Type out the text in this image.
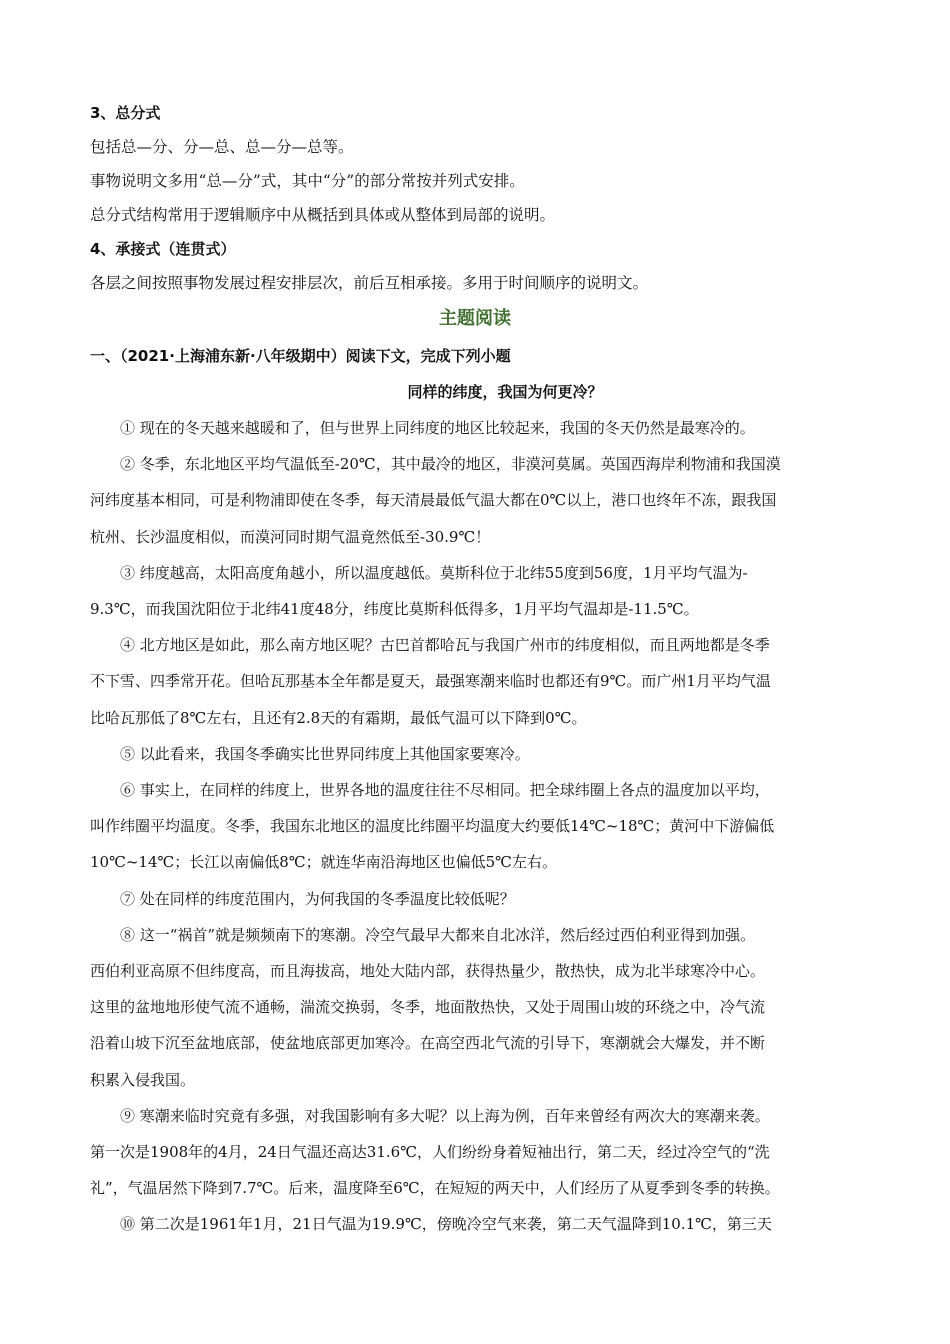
3、总分式

包括总—分、分—总、总—分—总等。

事物说明文多用“总—分”式，其中“分”的部分常按并列式安排。

总分式结构常用于逻辑顺序中从概括到具体或从整体到局部的说明。

4、承接式（连贯式）

各层之间按照事物发展过程安排层次，前后互相承接。多用于时间顺序的说明文。

主题阅读

一、（2021·上海浦东新·八年级期中）阅读下文，完成下列小题

同样的纬度，我国为何更冷？

① 现在的冬天越来越暖和了，但与世界上同纬度的地区比较起来，我国的冬天仍然是最寒冷的。

② 冬季，东北地区平均气温低至-20℃，其中最冷的地区，非漠河莫属。英国西海岸利物浦和我国漠
河纬度基本相同，可是利物浦即使在冬季，每天清晨最低气温大都在0℃以上，港口也终年不冻，跟我国
杭州、长沙温度相似，而漠河同时期气温竟然低至-30.9℃！

③ 纬度越高，太阳高度角越小，所以温度越低。莫斯科位于北纬55度到56度，1月平均气温为-
9.3℃，而我国沈阳位于北纬41度48分，纬度比莫斯科低得多，1月平均气温却是-11.5℃。

④ 北方地区是如此，那么南方地区呢？古巴首都哈瓦与我国广州市的纬度相似，而且两地都是冬季
不下雪、四季常开花。但哈瓦那基本全年都是夏天，最强寒潮来临时也都还有9℃。而广州1月平均气温
比哈瓦那低了8℃左右，且还有2.8天的有霜期，最低气温可以下降到0℃。

⑤ 以此看来，我国冬季确实比世界同纬度上其他国家要寒冷。

⑥ 事实上，在同样的纬度上，世界各地的温度往往不尽相同。把全球纬圈上各点的温度加以平均，
叫作纬圈平均温度。冬季，我国东北地区的温度比纬圈平均温度大约要低14℃~18℃；黄河中下游偏低
10℃~14℃；长江以南偏低8℃；就连华南沿海地区也偏低5℃左右。

⑦ 处在同样的纬度范围内，为何我国的冬季温度比较低呢？

⑧ 这一“祸首”就是频频南下的寒潮。冷空气最早大都来自北冰洋，然后经过西伯利亚得到加强。
西伯利亚高原不但纬度高，而且海拔高，地处大陆内部，获得热量少，散热快，成为北半球寒冷中心。
这里的盆地地形使气流不通畅，湍流交换弱，冬季，地面散热快，又处于周围山坡的环绕之中，冷气流
沿着山坡下沉至盆地底部，使盆地底部更加寒冷。在高空西北气流的引导下，寒潮就会大爆发，并不断
积累入侵我国。

⑨ 寒潮来临时究竟有多强，对我国影响有多大呢？以上海为例，百年来曾经有两次大的寒潮来袭。
第一次是1908年的4月，24日气温还高达31.6℃，人们纷纷身着短袖出行，第二天，经过冷空气的“洗
礼”，气温居然下降到7.7℃。后来，温度降至6℃，在短短的两天中，人们经历了从夏季到冬季的转换。

⑩ 第二次是1961年1月，21日气温为19.9℃，傍晚冷空气来袭，第二天气温降到10.1℃，第三天
